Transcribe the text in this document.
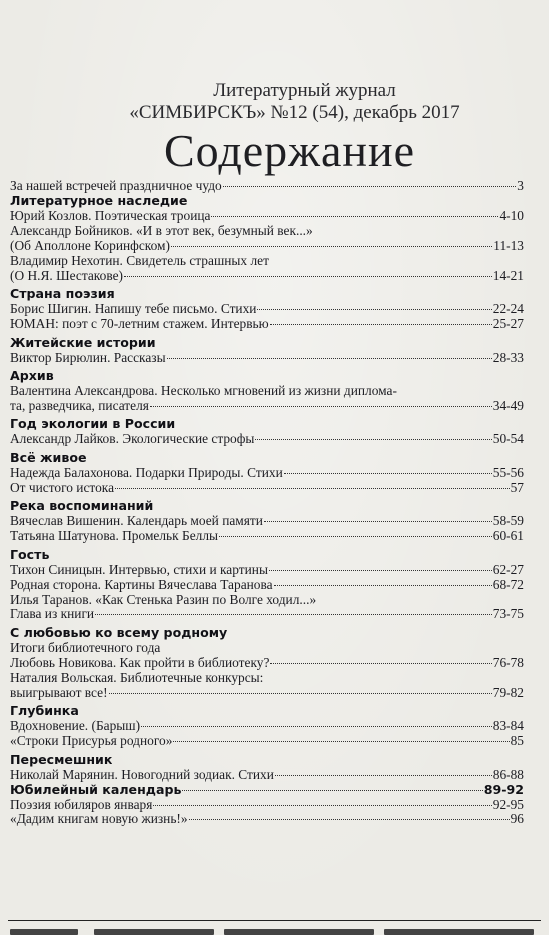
Литературный журнал
«СИМБИРСКЪ» №12 (54), декабрь 2017
Содержание
За нашей встречей праздничное чудо	3
Литературное наследие
Юрий Козлов. Поэтическая троица	4-10
Александр Бойников. «И в этот век, безумный век...»
(Об Аполлоне Коринфском)	11-13
Владимир Нехотин. Свидетель страшных лет
(О Н.Я. Шестакове)	14-21
Страна поэзия
Борис Шигин. Напишу тебе письмо. Стихи	22-24
ЮМАН: поэт с 70-летним стажем. Интервью	25-27
Житейские истории
Виктор Бирюлин. Рассказы	28-33
Архив
Валентина Александрова. Несколько мгновений из жизни диплома-
та, разведчика, писателя	34-49
Год экологии в России
Александр Лайков. Экологические строфы	50-54
Всё живое
Надежда Балахонова. Подарки Природы. Стихи	55-56
От чистого истока	57
Река воспоминаний
Вячеслав Вишенин. Календарь моей памяти	58-59
Татьяна Шатунова. Промельк Беллы	60-61
Гость
Тихон Синицын. Интервью, стихи и картины	62-27
Родная сторона. Картины Вячеслава Таранова	68-72
Илья Таранов. «Как Стенька Разин по Волге ходил...»
Глава из книги	73-75
С любовью ко всему родному
Итоги библиотечного года
Любовь Новикова. Как пройти в библиотеку?	76-78
Наталия Вольская. Библиотечные конкурсы:
выигрывают все!	79-82
Глубинка
Вдохновение. (Барыш)	83-84
«Строки Присурья родного»	85
Пересмешник
Николай Марянин. Новогодний зодиак. Стихи	86-88
Юбилейный календарь	89-92
Поэзия юбиляров января	92-95
«Дадим книгам новую жизнь!»	96
